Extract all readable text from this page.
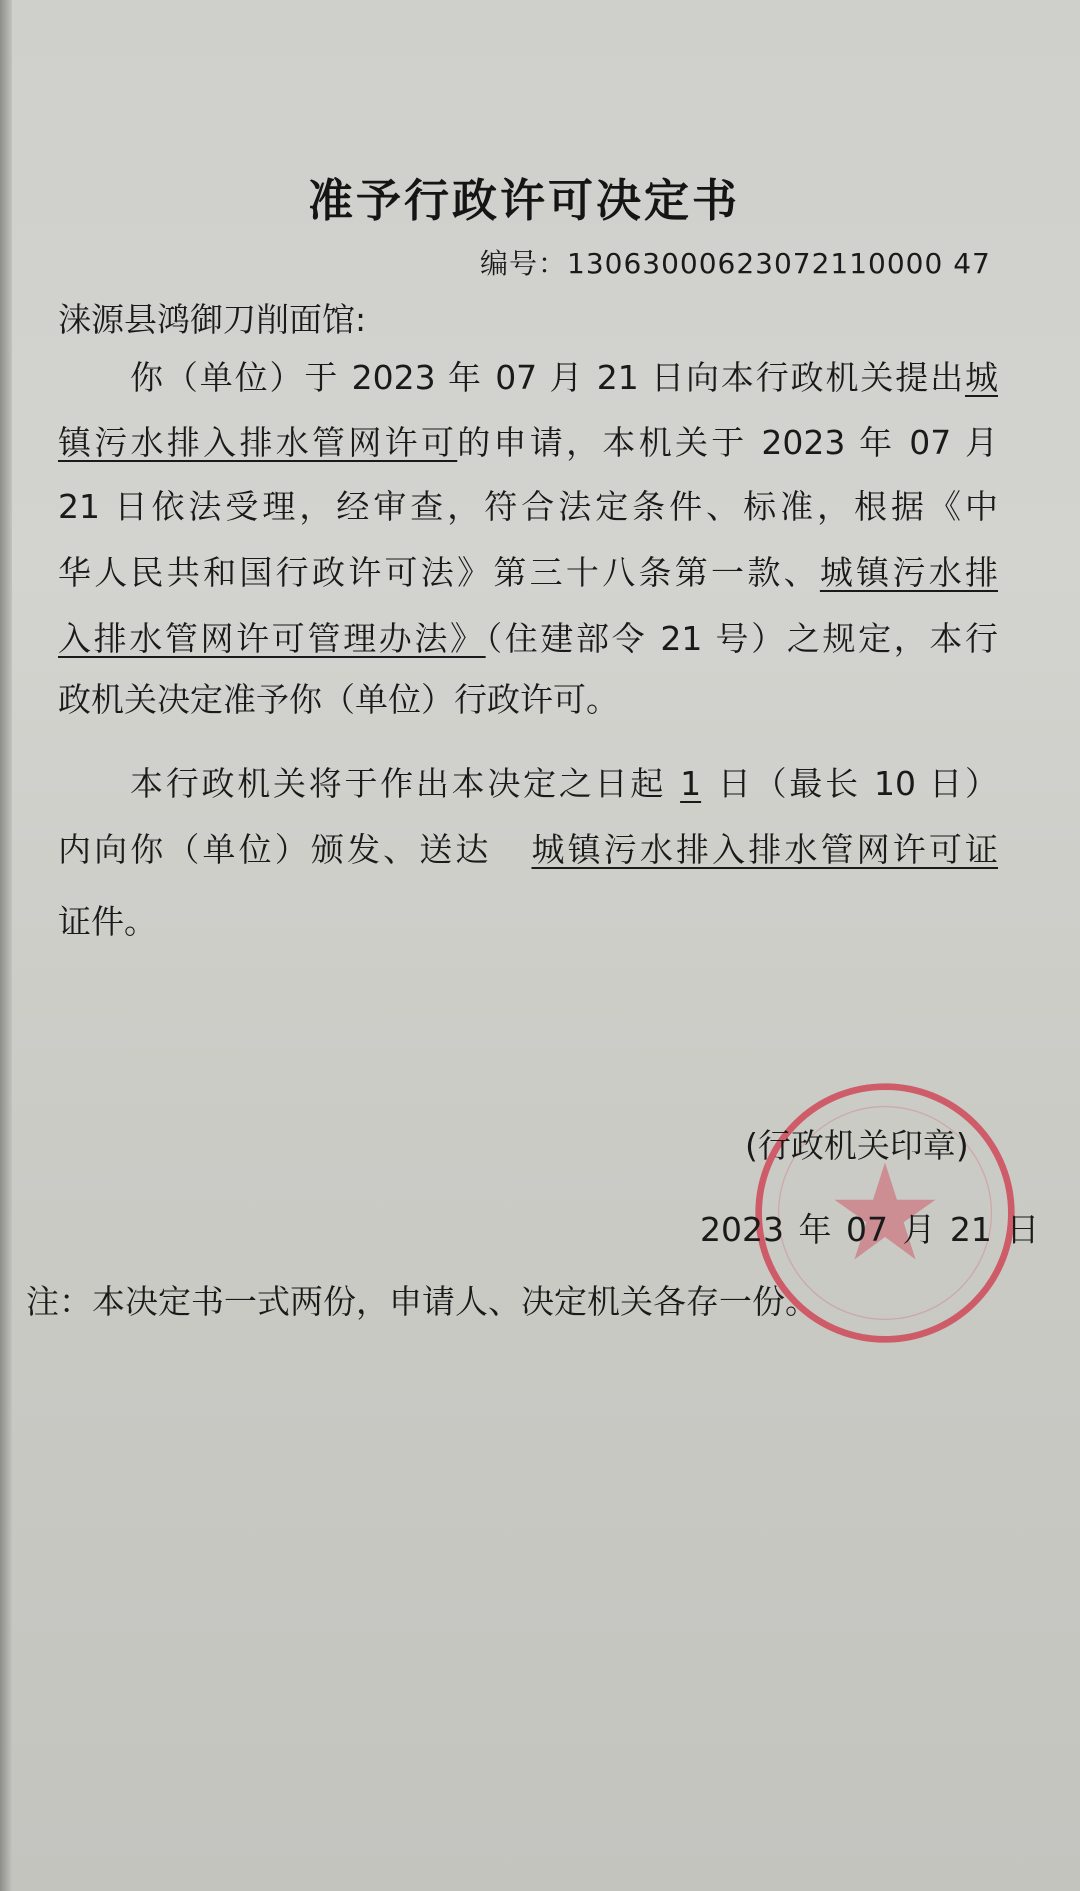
准予行政许可决定书
编号：13063000623072110000 47
涞源县鸿御刀削面馆:
你（单位）于 2023 年 07 月 21 日向本行政机关提出城
镇污水排入排水管网许可的申请，本机关于 2023 年 07 月
21 日依法受理，经审查，符合法定条件、标准，根据《中
华人民共和国行政许可法》第三十八条第一款、城镇污水排
入排水管网许可管理办法》（住建部令 21 号）之规定，本行
政机关决定准予你（单位）行政许可。
本行政机关将于作出本决定之日起 1 日（最长 10 日）
内向你（单位）颁发、送达 城镇污水排入排水管网许可证
证件。
(行政机关印章)
2023 年 07 月 21 日
注：本决定书一式两份，申请人、决定机关各存一份。
